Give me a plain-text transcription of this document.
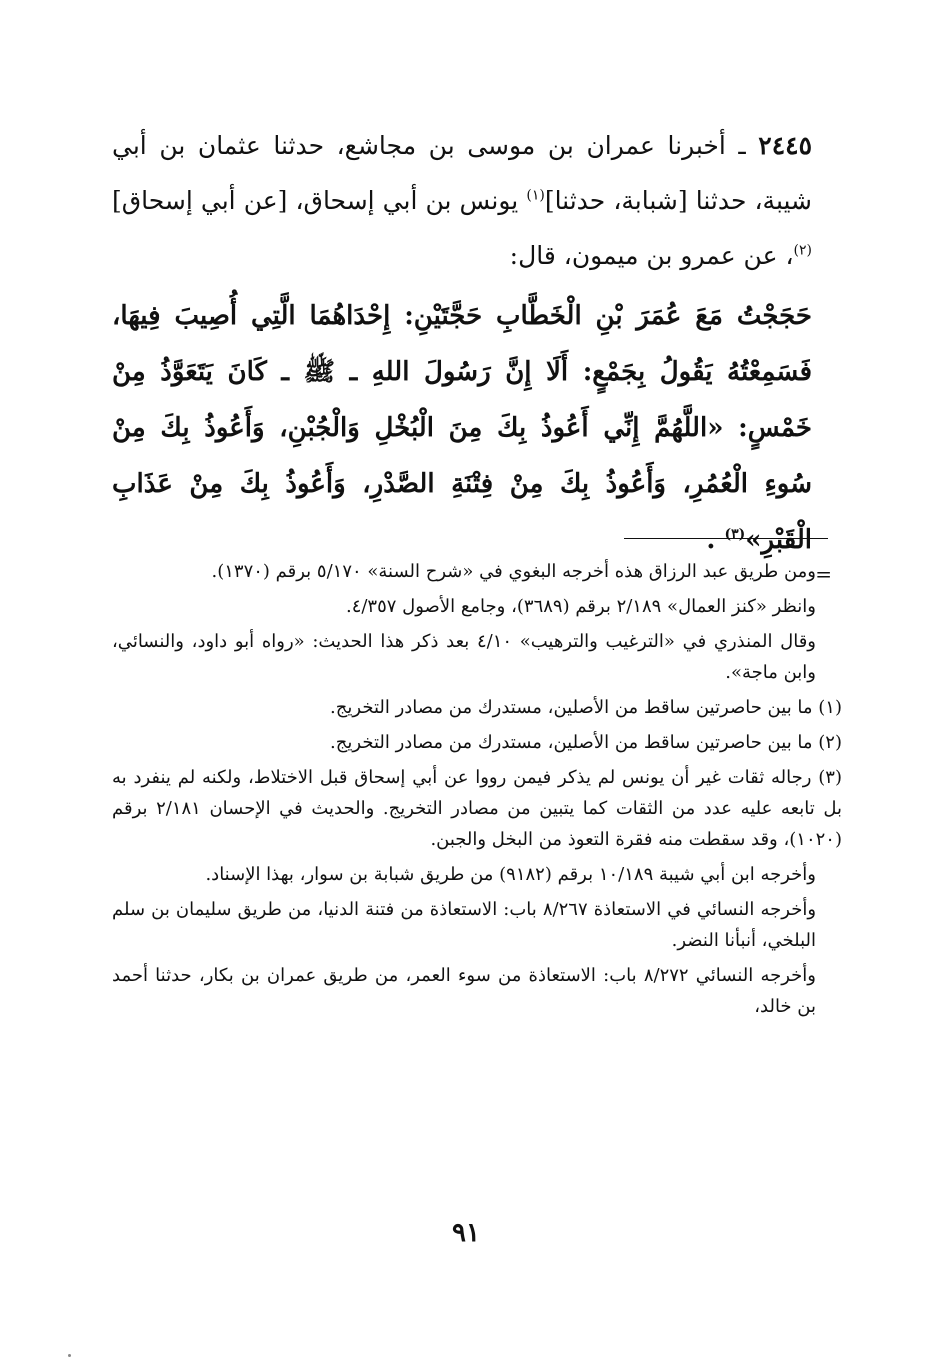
٢٤٤٥ ـ أخبرنا عمران بن موسى بن مجاشع، حدثنا عثمان بن أبي شيبة، حدثنا [شبابة، حدثنا]$^{(١)}$ يونس بن أبي إسحاق، [عن أبي إسحاق]$^{(٢)}$، عن عمرو بن ميمون، قال:
حَجَجْتُ مَعَ عُمَرَ بْنِ الْخَطَّابِ حَجَّتَيْنِ: إِحْدَاهُمَا الَّتِي أُصِيبَ فِيهَا، فَسَمِعْتُهُ يَقُولُ بِجَمْعٍ: أَلَا إِنَّ رَسُولَ اللهِ ـ ﷺ ـ كَانَ يَتَعَوَّذُ مِنْ خَمْسٍ: «اللَّهُمَّ إِنِّي أَعُوذُ بِكَ مِنَ الْبُخْلِ وَالْجُبْنِ، وَأَعُوذُ بِكَ مِنْ سُوءِ الْعُمُرِ، وَأَعُوذُ بِكَ مِنْ فِتْنَةِ الصَّدْرِ، وَأَعُوذُ بِكَ مِنْ عَذَابِ الْقَبْرِ»$^{(٣)}$ .
=
ومن طريق عبد الرزاق هذه أخرجه البغوي في «شرح السنة» ٥/١٧٠ برقم (١٣٧٠).
وانظر «كنز العمال» ٢/١٨٩ برقم (٣٦٨٩)، وجامع الأصول ٤/٣٥٧.
وقال المنذري في «الترغيب والترهيب» ٤/١٠ بعد ذكر هذا الحديث: «رواه أبو داود، والنسائي، وابن ماجة».
(١) ما بين حاصرتين ساقط من الأصلين، مستدرك من مصادر التخريج.
(٢) ما بين حاصرتين ساقط من الأصلين، مستدرك من مصادر التخريج.
(٣) رجاله ثقات غير أن يونس لم يذكر فيمن رووا عن أبي إسحاق قبل الاختلاط، ولكنه لم ينفرد به بل تابعه عليه عدد من الثقات كما يتبين من مصادر التخريج. والحديث في الإحسان ٢/١٨١ برقم (١٠٢٠)، وقد سقطت منه فقرة التعوذ من البخل والجبن.
وأخرجه ابن أبي شيبة ١٠/١٨٩ برقم (٩١٨٢) من طريق شبابة بن سوار، بهذا الإسناد.
وأخرجه النسائي في الاستعاذة ٨/٢٦٧ باب: الاستعاذة من فتنة الدنيا، من طريق سليمان بن سلم البلخي، أنبأنا النضر.
وأخرجه النسائي ٨/٢٧٢ باب: الاستعاذة من سوء العمر، من طريق عمران بن بكار، حدثنا أحمد بن خالد،
٩١
